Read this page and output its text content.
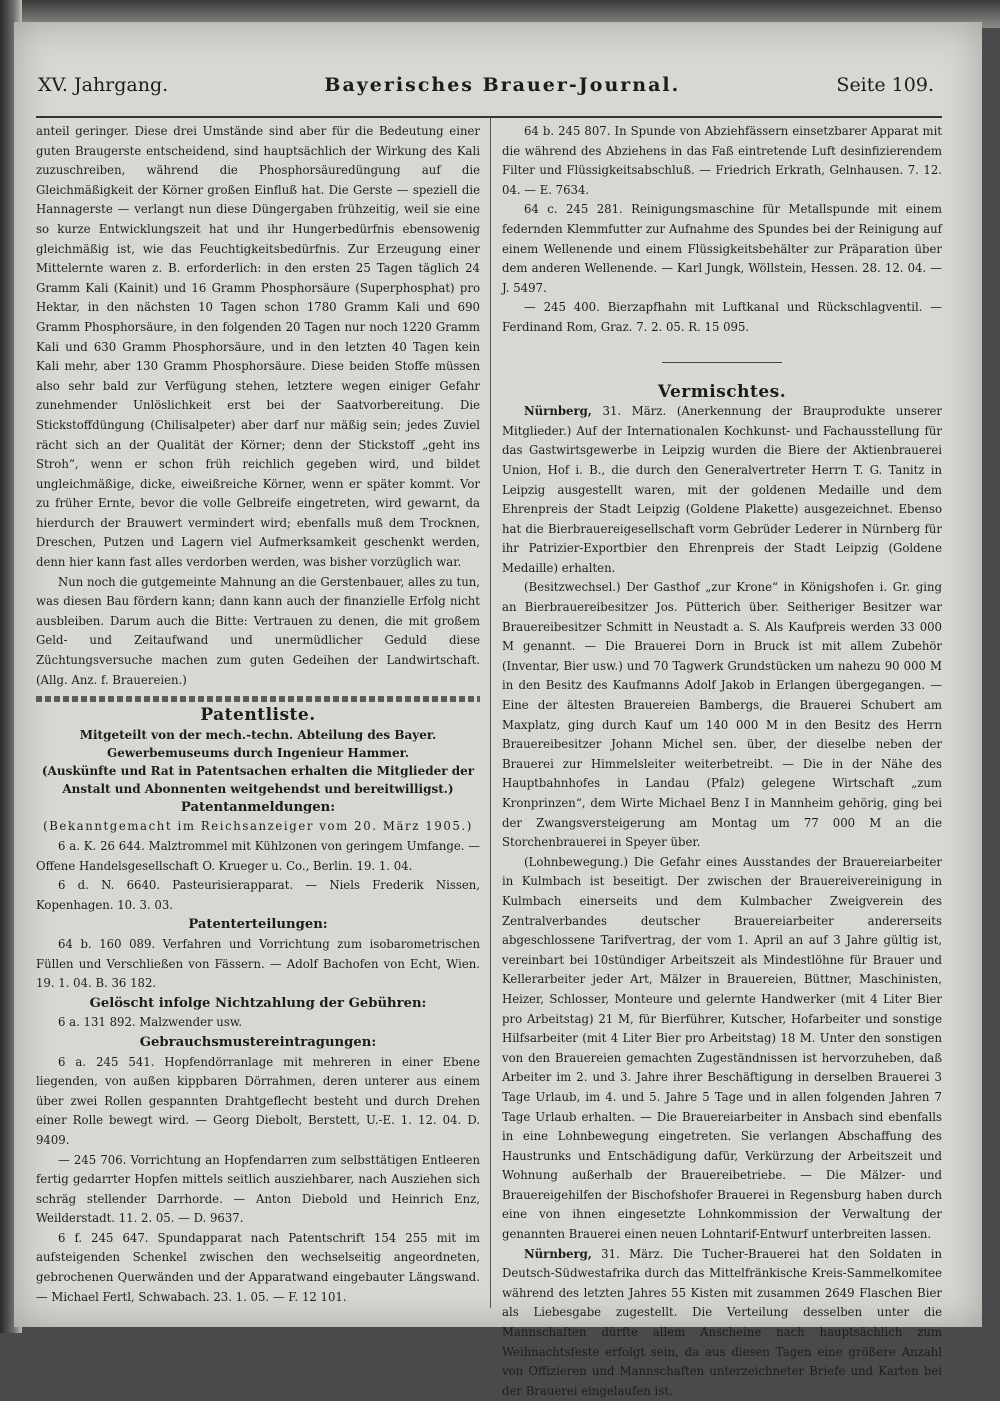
XV. Jahrgang.	Bayerisches Brauer-Journal.	Seite 109.

anteil geringer. Diese drei Umstände sind aber für die Bedeutung einer guten Braugerste entscheidend, sind hauptsächlich der Wirkung des Kali zuzuschreiben, während die Phosphorsäuredüngung auf die Gleichmäßigkeit der Körner großen Einfluß hat. Die Gerste — speziell die Hannagerste — verlangt nun diese Düngergaben frühzeitig, weil sie eine so kurze Entwicklungszeit hat und ihr Hungerbedürfnis ebensowenig gleichmäßig ist, wie das Feuchtigkeitsbedürfnis. Zur Erzeugung einer Mittelernte waren z. B. erforderlich: in den ersten 25 Tagen täglich 24 Gramm Kali (Kainit) und 16 Gramm Phosphorsäure (Superphosphat) pro Hektar, in den nächsten 10 Tagen schon 1780 Gramm Kali und 690 Gramm Phosphorsäure, in den folgenden 20 Tagen nur noch 1220 Gramm Kali und 630 Gramm Phosphorsäure, und in den letzten 40 Tagen kein Kali mehr, aber 130 Gramm Phosphorsäure. Diese beiden Stoffe müssen also sehr bald zur Verfügung stehen, letztere wegen einiger Gefahr zunehmender Unlöslichkeit erst bei der Saatvorbereitung. Die Stickstoffdüngung (Chilisalpeter) aber darf nur mäßig sein; jedes Zuviel rächt sich an der Qualität der Körner; denn der Stickstoff „geht ins Stroh“, wenn er schon früh reichlich gegeben wird, und bildet ungleichmäßige, dicke, eiweißreiche Körner, wenn er später kommt. Vor zu früher Ernte, bevor die volle Gelbreife eingetreten, wird gewarnt, da hierdurch der Brauwert vermindert wird; ebenfalls muß dem Trocknen, Dreschen, Putzen und Lagern viel Aufmerksamkeit geschenkt werden, denn hier kann fast alles verdorben werden, was bisher vorzüglich war.

Nun noch die gutgemeinte Mahnung an die Gerstenbauer, alles zu tun, was diesen Bau fördern kann; dann kann auch der finanzielle Erfolg nicht ausbleiben. Darum auch die Bitte: Vertrauen zu denen, die mit großem Geld- und Zeitaufwand und unermüdlicher Geduld diese Züchtungsversuche machen zum guten Gedeihen der Landwirtschaft. (Allg. Anz. f. Brauereien.)

Patentliste.

Mitgeteilt von der mech.-techn. Abteilung des Bayer. Gewerbemuseums durch Ingenieur Hammer.

(Auskünfte und Rat in Patentsachen erhalten die Mitglieder der Anstalt und Abonnenten weitgehendst und bereitwilligst.)

Patentanmeldungen:

(Bekanntgemacht im Reichsanzeiger vom 20. März 1905.)

6 a. K. 26 644. Malztrommel mit Kühlzonen von geringem Umfange. — Offene Handelsgesellschaft O. Krueger u. Co., Berlin. 19. 1. 04.

6 d. N. 6640. Pasteurisierapparat. — Niels Frederik Nissen, Kopenhagen. 10. 3. 03.

Patenterteilungen:

64 b. 160 089. Verfahren und Vorrichtung zum isobarometrischen Füllen und Verschließen von Fässern. — Adolf Bachofen von Echt, Wien. 19. 1. 04. B. 36 182.

Gelöscht infolge Nichtzahlung der Gebühren:

6 a. 131 892. Malzwender usw.

Gebrauchsmustereintragungen:

6 a. 245 541. Hopfendörranlage mit mehreren in einer Ebene liegenden, von außen kippbaren Dörrahmen, deren unterer aus einem über zwei Rollen gespannten Drahtgeflecht besteht und durch Drehen einer Rolle bewegt wird. — Georg Diebolt, Berstett, U.-E. 1. 12. 04. D. 9409.

— 245 706. Vorrichtung an Hopfendarren zum selbsttätigen Entleeren fertig gedarrter Hopfen mittels seitlich ausziehbarer, nach Ausziehen sich schräg stellender Darrhorde. — Anton Diebold und Heinrich Enz, Weilderstadt. 11. 2. 05. — D. 9637.

6 f. 245 647. Spundapparat nach Patentschrift 154 255 mit im aufsteigenden Schenkel zwischen den wechselseitig angeordneten, gebrochenen Querwänden und der Apparatwand eingebauter Längswand. — Michael Fertl, Schwabach. 23. 1. 05. — F. 12 101.

64 b. 245 807. In Spunde von Abziehfässern einsetzbarer Apparat mit die während des Abziehens in das Faß eintretende Luft desinfizierendem Filter und Flüssigkeitsabschluß. — Friedrich Erkrath, Gelnhausen. 7. 12. 04. — E. 7634.

64 c. 245 281. Reinigungsmaschine für Metallspunde mit einem federnden Klemmfutter zur Aufnahme des Spundes bei der Reinigung auf einem Wellenende und einem Flüssigkeitsbehälter zur Präparation über dem anderen Wellenende. — Karl Jungk, Wöllstein, Hessen. 28. 12. 04. — J. 5497.

— 245 400. Bierzapfhahn mit Luftkanal und Rückschlagventil. — Ferdinand Rom, Graz. 7. 2. 05. R. 15 095.

Vermischtes.

Nürnberg, 31. März. (Anerkennung der Brauprodukte unserer Mitglieder.) Auf der Internationalen Kochkunst- und Fachausstellung für das Gastwirtsgewerbe in Leipzig wurden die Biere der Aktienbrauerei Union, Hof i. B., die durch den Generalvertreter Herrn T. G. Tanitz in Leipzig ausgestellt waren, mit der goldenen Medaille und dem Ehrenpreis der Stadt Leipzig (Goldene Plakette) ausgezeichnet. Ebenso hat die Bierbrauereigesellschaft vorm Gebrüder Lederer in Nürnberg für ihr Patrizier-Exportbier den Ehrenpreis der Stadt Leipzig (Goldene Medaille) erhalten.

(Besitzwechsel.) Der Gasthof „zur Krone“ in Königshofen i. Gr. ging an Bierbrauereibesitzer Jos. Pütterich über. Seitheriger Besitzer war Brauereibesitzer Schmitt in Neustadt a. S. Als Kaufpreis werden 33 000 M genannt. — Die Brauerei Dorn in Bruck ist mit allem Zubehör (Inventar, Bier usw.) und 70 Tagwerk Grundstücken um nahezu 90 000 M in den Besitz des Kaufmanns Adolf Jakob in Erlangen übergegangen. — Eine der ältesten Brauereien Bambergs, die Brauerei Schubert am Maxplatz, ging durch Kauf um 140 000 M in den Besitz des Herrn Brauereibesitzer Johann Michel sen. über, der dieselbe neben der Brauerei zur Himmelsleiter weiterbetreibt. — Die in der Nähe des Hauptbahnhofes in Landau (Pfalz) gelegene Wirtschaft „zum Kronprinzen“, dem Wirte Michael Benz I in Mannheim gehörig, ging bei der Zwangsversteigerung am Montag um 77 000 M an die Storchenbrauerei in Speyer über.

(Lohnbewegung.) Die Gefahr eines Ausstandes der Brauereiarbeiter in Kulmbach ist beseitigt. Der zwischen der Brauereivereinigung in Kulmbach einerseits und dem Kulmbacher Zweigverein des Zentralverbandes deutscher Brauereiarbeiter andererseits abgeschlossene Tarifvertrag, der vom 1. April an auf 3 Jahre gültig ist, vereinbart bei 10stündiger Arbeitszeit als Mindestlöhne für Brauer und Kellerarbeiter jeder Art, Mälzer in Brauereien, Büttner, Maschinisten, Heizer, Schlosser, Monteure und gelernte Handwerker (mit 4 Liter Bier pro Arbeitstag) 21 M, für Bierführer, Kutscher, Hofarbeiter und sonstige Hilfsarbeiter (mit 4 Liter Bier pro Arbeitstag) 18 M. Unter den sonstigen von den Brauereien gemachten Zugeständnissen ist hervorzuheben, daß Arbeiter im 2. und 3. Jahre ihrer Beschäftigung in derselben Brauerei 3 Tage Urlaub, im 4. und 5. Jahre 5 Tage und in allen folgenden Jahren 7 Tage Urlaub erhalten. — Die Brauereiarbeiter in Ansbach sind ebenfalls in eine Lohnbewegung eingetreten. Sie verlangen Abschaffung des Haustrunks und Entschädigung dafür, Verkürzung der Arbeitszeit und Wohnung außerhalb der Brauereibetriebe. — Die Mälzer- und Brauereigehilfen der Bischofshofer Brauerei in Regensburg haben durch eine von ihnen eingesetzte Lohnkommission der Verwaltung der genannten Brauerei einen neuen Lohntarif-Entwurf unterbreiten lassen.

Nürnberg, 31. März. Die Tucher-Brauerei hat den Soldaten in Deutsch-Südwestafrika durch das Mittelfränkische Kreis-Sammelkomitee während des letzten Jahres 55 Kisten mit zusammen 2649 Flaschen Bier als Liebesgabe zugestellt. Die Verteilung desselben unter die Mannschaften dürfte allem Anscheine nach hauptsächlich zum Weihnachtsfeste erfolgt sein, da aus diesen Tagen eine größere Anzahl von Offizieren und Mannschaften unterzeichneter Briefe und Karten bei der Brauerei eingelaufen ist.
